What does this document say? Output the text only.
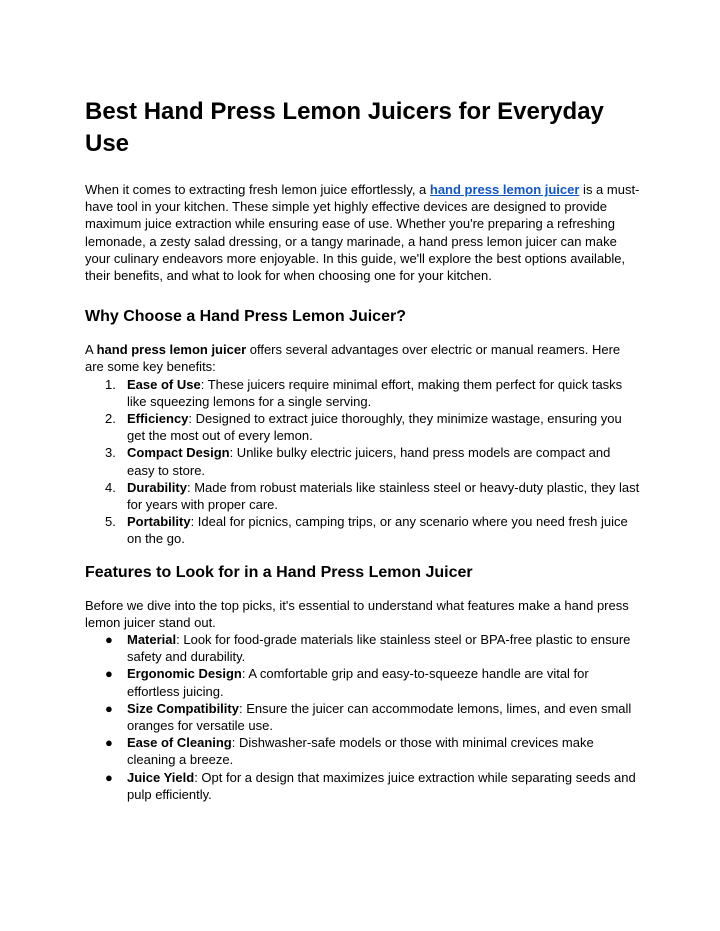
Best Hand Press Lemon Juicers for Everyday Use

When it comes to extracting fresh lemon juice effortlessly, a hand press lemon juicer is a must-have tool in your kitchen. These simple yet highly effective devices are designed to provide maximum juice extraction while ensuring ease of use. Whether you're preparing a refreshing lemonade, a zesty salad dressing, or a tangy marinade, a hand press lemon juicer can make your culinary endeavors more enjoyable. In this guide, we'll explore the best options available, their benefits, and what to look for when choosing one for your kitchen.

Why Choose a Hand Press Lemon Juicer?

A hand press lemon juicer offers several advantages over electric or manual reamers. Here are some key benefits:

1. Ease of Use: These juicers require minimal effort, making them perfect for quick tasks like squeezing lemons for a single serving.
2. Efficiency: Designed to extract juice thoroughly, they minimize wastage, ensuring you get the most out of every lemon.
3. Compact Design: Unlike bulky electric juicers, hand press models are compact and easy to store.
4. Durability: Made from robust materials like stainless steel or heavy-duty plastic, they last for years with proper care.
5. Portability: Ideal for picnics, camping trips, or any scenario where you need fresh juice on the go.
Features to Look for in a Hand Press Lemon Juicer

Before we dive into the top picks, it's essential to understand what features make a hand press lemon juicer stand out.

● Material: Look for food-grade materials like stainless steel or BPA-free plastic to ensure safety and durability.
● Ergonomic Design: A comfortable grip and easy-to-squeeze handle are vital for effortless juicing.
● Size Compatibility: Ensure the juicer can accommodate lemons, limes, and even small oranges for versatile use.
● Ease of Cleaning: Dishwasher-safe models or those with minimal crevices make cleaning a breeze.
● Juice Yield: Opt for a design that maximizes juice extraction while separating seeds and pulp efficiently.
